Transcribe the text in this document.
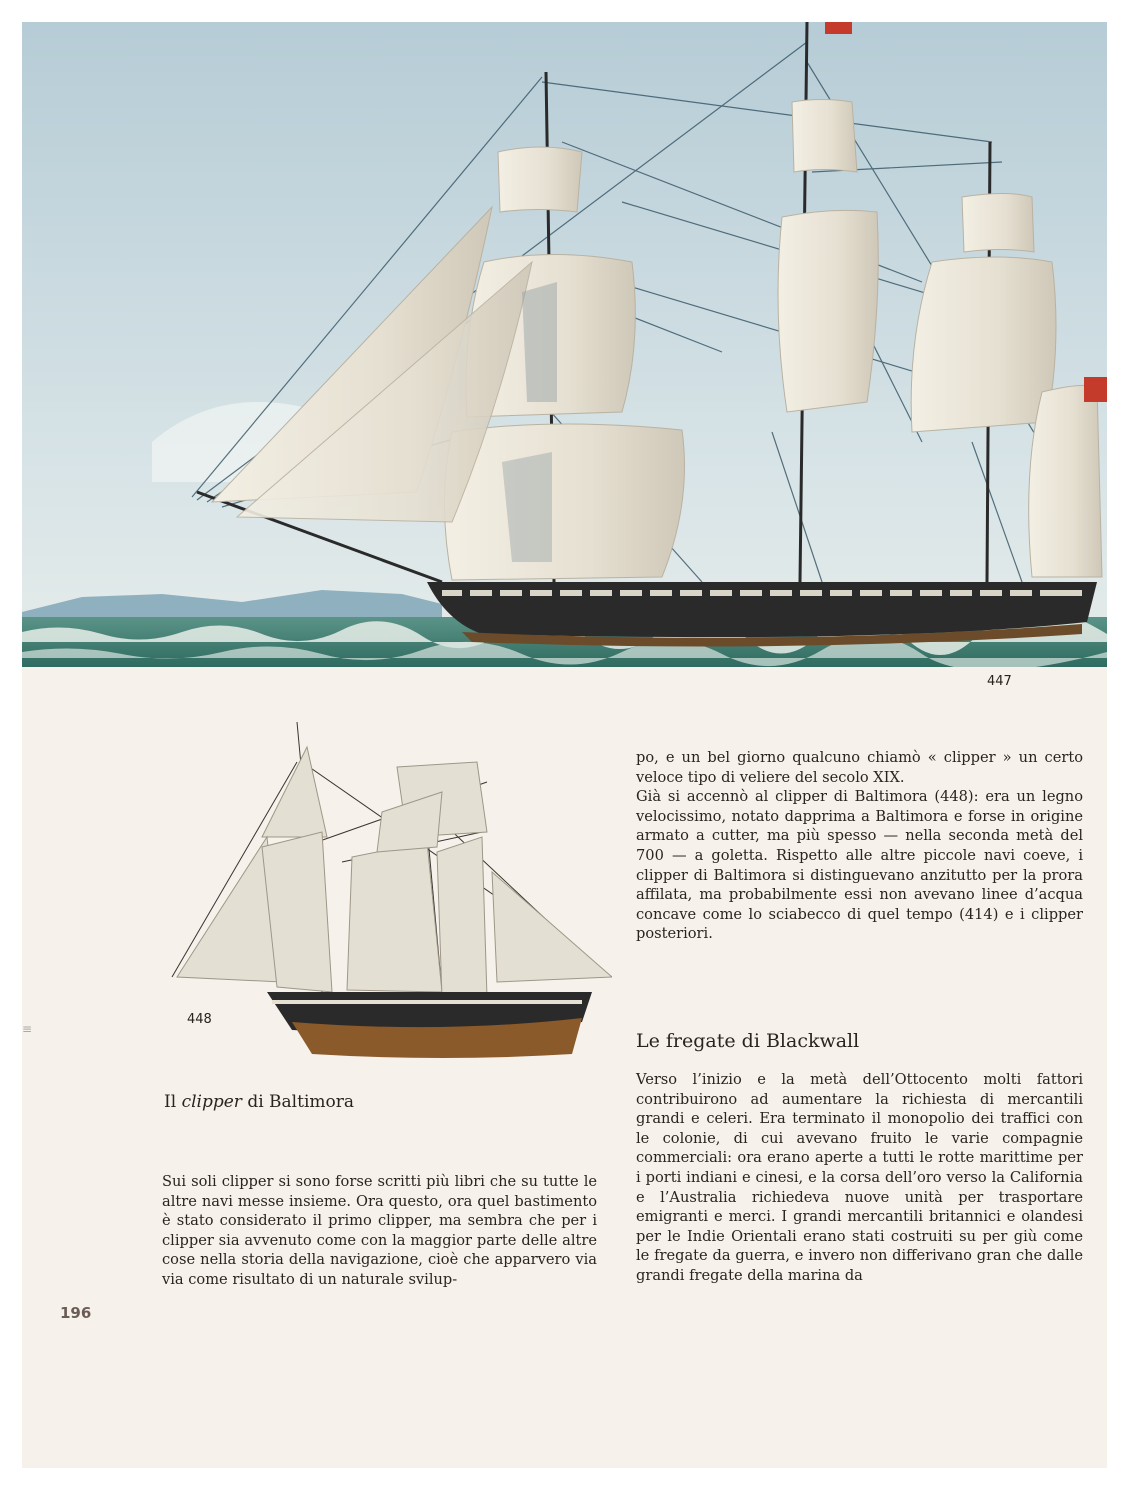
447
448
Il clipper di Baltimora

po, e un bel giorno qualcuno chiamò « clipper » un certo veloce tipo di veliere del secolo XIX.

Già si accennò al clipper di Baltimora (448): era un legno velocissimo, notato dapprima a Baltimora e forse in origine armato a cutter, ma più spesso — nella seconda metà del 700 — a goletta. Rispetto alle altre piccole navi coeve, i clipper di Baltimora si distinguevano anzitutto per la prora affilata, ma probabilmente essi non avevano linee d’acqua concave come lo sciabecco di quel tempo (414) e i clipper posteriori.

Le fregate di Blackwall

Verso l’inizio e la metà dell’Ottocento molti fattori contribuirono ad aumentare la richiesta di mercantili grandi e celeri. Era terminato il monopolio dei traffici con le colonie, di cui avevano fruito le varie compagnie commerciali: ora erano aperte a tutti le rotte marittime per i porti indiani e cinesi, e la corsa dell’oro verso la California e l’Australia richiedeva nuove unità per trasportare emigranti e merci. I grandi mercantili britannici e olandesi per le Indie Orientali erano stati costruiti su per giù come le fregate da guerra, e invero non differivano gran che dalle grandi fregate della marina da

Sui soli clipper si sono forse scritti più libri che su tutte le altre navi messe insieme. Ora questo, ora quel bastimento è stato considerato il primo clipper, ma sembra che per i clipper sia avvenuto come con la maggior parte delle altre cose nella storia della navigazione, cioè che apparvero via via come risultato di un naturale svilup-

≡
196
